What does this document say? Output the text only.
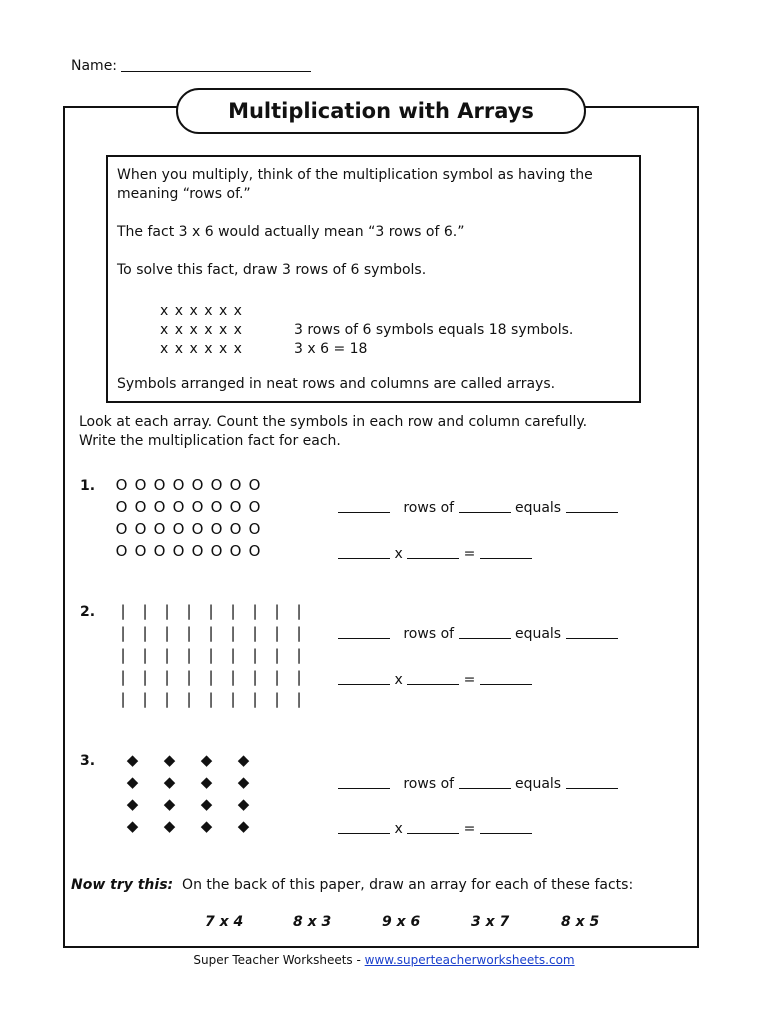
Name:
Multiplication with Arrays
When you multiply, think of the multiplication symbol as having the meaning “rows of.”
The fact 3 x 6 would actually mean “3 rows of 6.”
To solve this fact, draw 3 rows of 6 symbols.
x x x x x x
x x x x x x
x x x x x x
3 rows of 6 symbols equals 18 symbols.
3 x 6 = 18
Symbols arranged in neat rows and columns are called arrays.
Look at each array. Count the symbols in each row and column carefully.
Write the multiplication fact for each.
1. O O O O O O O O
O O O O O O O O
O O O O O O O O
O O O O O O O O
rows of	equals
x	=
2.	|	|	|	|	|	|	|	|	|
|	|	|	|	|	|	|	|	|
|	|	|	|	|	|	|	|	|
|	|	|	|	|	|	|	|	|
|	|	|	|	|	|	|	|	|
rows of	equals
x	=
3.	◆	◆	◆	◆
◆	◆	◆	◆
◆	◆	◆	◆
◆	◆	◆	◆
rows of	equals
x	=
Now try this: On the back of this paper, draw an array for each of these facts:
7 x 4	8 x 3	9 x 6	3 x 7	8 x 5
Super Teacher Worksheets - www.superteacherworksheets.com
